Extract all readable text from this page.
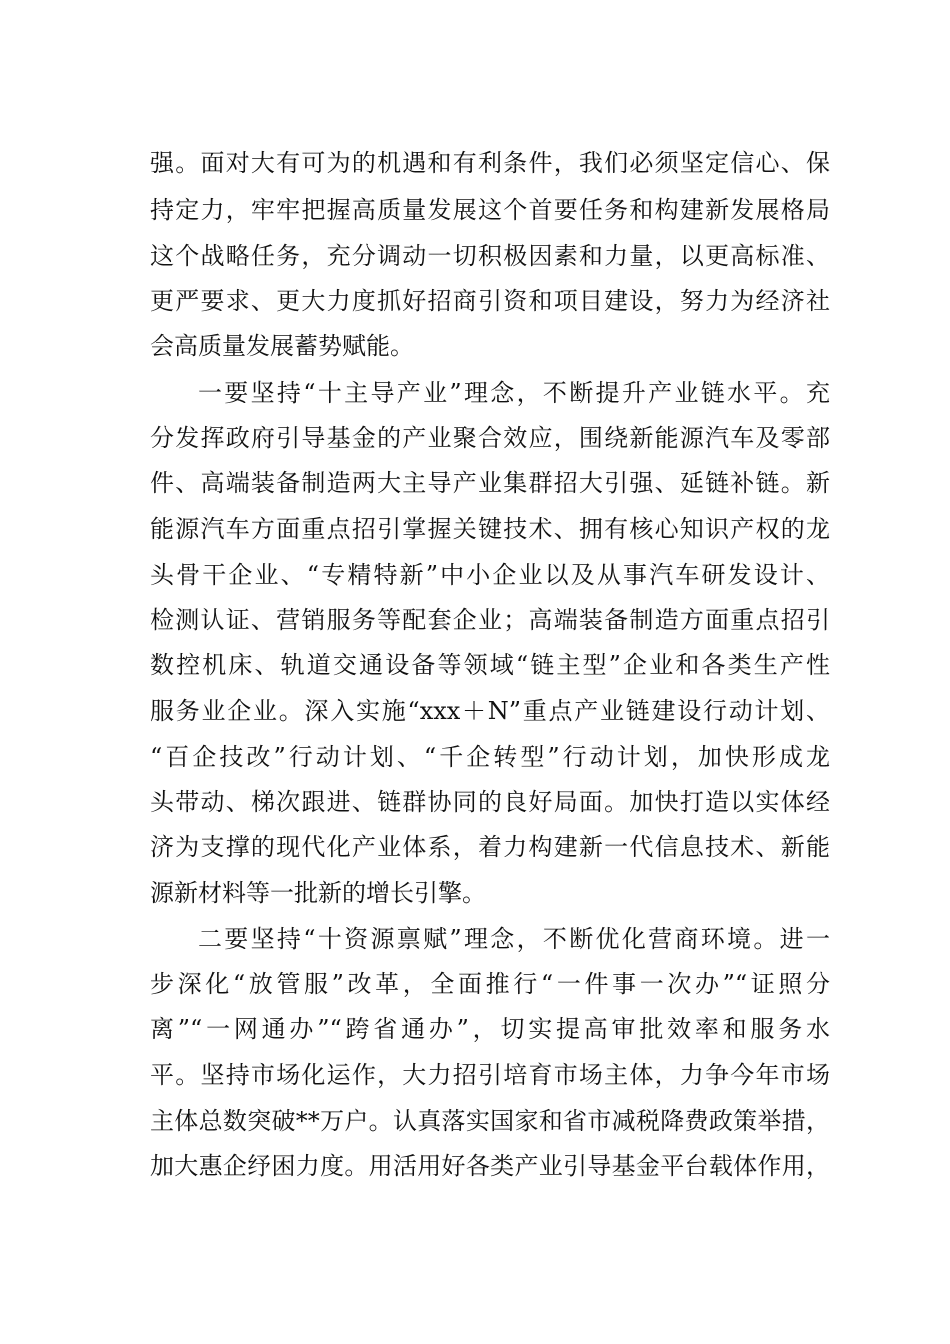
强。面对大有可为的机遇和有利条件，我们必须坚定信心、保

持定力，牢牢把握高质量发展这个首要任务和构建新发展格局

这个战略任务，充分调动一切积极因素和力量，以更高标准、

更严要求、更大力度抓好招商引资和项目建设，努力为经济社

会高质量发展蓄势赋能。

一要坚持“十主导产业”理念，不断提升产业链水平。充

分发挥政府引导基金的产业聚合效应，围绕新能源汽车及零部

件、高端装备制造两大主导产业集群招大引强、延链补链。新

能源汽车方面重点招引掌握关键技术、拥有核心知识产权的龙

头骨干企业、“专精特新”中小企业以及从事汽车研发设计、

检测认证、营销服务等配套企业；高端装备制造方面重点招引

数控机床、轨道交通设备等领域“链主型”企业和各类生产性

服务业企业。深入实施“xxx＋N”重点产业链建设行动计划、

“百企技改”行动计划、“千企转型”行动计划，加快形成龙

头带动、梯次跟进、链群协同的良好局面。加快打造以实体经

济为支撑的现代化产业体系，着力构建新一代信息技术、新能

源新材料等一批新的增长引擎。

二要坚持“十资源禀赋”理念，不断优化营商环境。进一

步深化“放管服”改革，全面推行“一件事一次办”“证照分

离”“一网通办”“跨省通办”，切实提高审批效率和服务水

平。坚持市场化运作，大力招引培育市场主体，力争今年市场

主体总数突破**万户。认真落实国家和省市减税降费政策举措，

加大惠企纾困力度。用活用好各类产业引导基金平台载体作用，
